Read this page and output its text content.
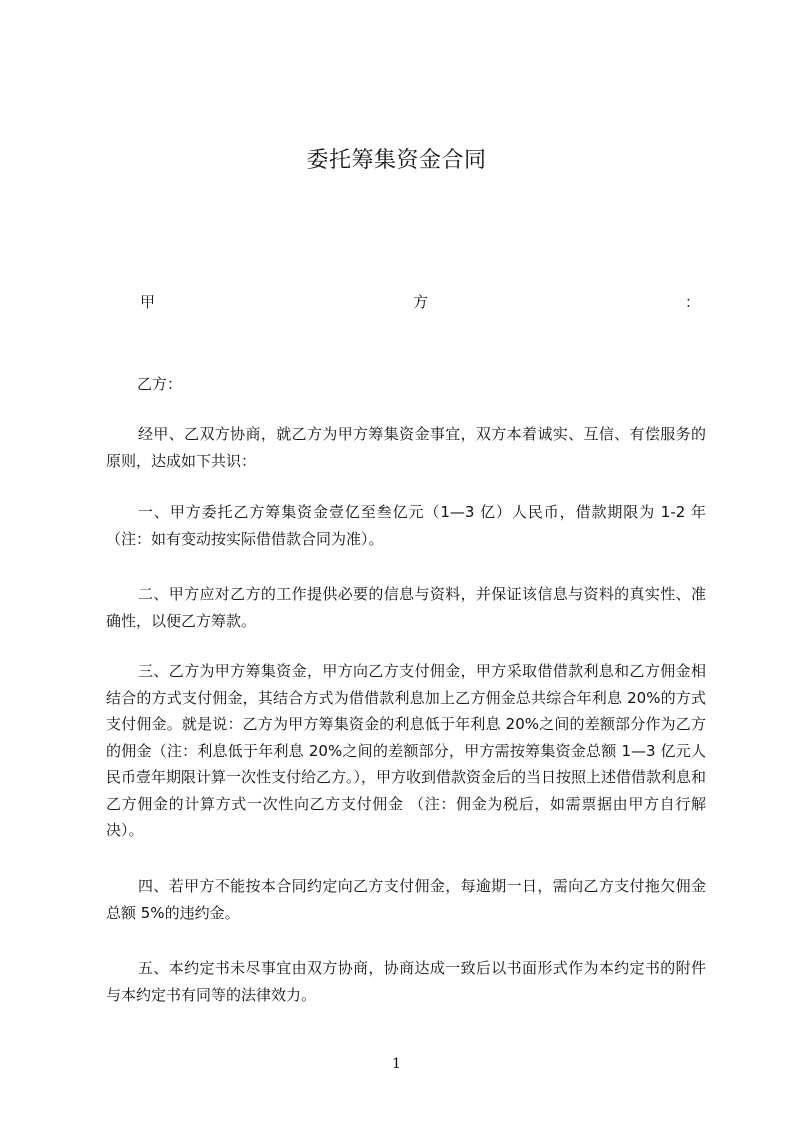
委托筹集资金合同
甲	方	：
乙方：

经甲、乙双方协商，就乙方为甲方筹集资金事宜，双方本着诚实、互信、有偿服务的原则，达成如下共识：

一、甲方委托乙方筹集资金壹亿至叁亿元（1—3 亿）人民币，借款期限为 1-2 年（注：如有变动按实际借借款合同为准）。

二、甲方应对乙方的工作提供必要的信息与资料，并保证该信息与资料的真实性、准确性，以便乙方筹款。

三、乙方为甲方筹集资金，甲方向乙方支付佣金，甲方采取借借款利息和乙方佣金相结合的方式支付佣金，其结合方式为借借款利息加上乙方佣金总共综合年利息 20%的方式支付佣金。就是说：乙方为甲方筹集资金的利息低于年利息 20%之间的差额部分作为乙方的佣金（注：利息低于年利息 20%之间的差额部分，甲方需按筹集资金总额 1—3 亿元人民币壹年期限计算一次性支付给乙方。），甲方收到借款资金后的当日按照上述借借款利息和乙方佣金的计算方式一次性向乙方支付佣金 （注：佣金为税后，如需票据由甲方自行解决）。

四、若甲方不能按本合同约定向乙方支付佣金，每逾期一日，需向乙方支付拖欠佣金总额 5%的违约金。

五、本约定书未尽事宜由双方协商，协商达成一致后以书面形式作为本约定书的附件与本约定书有同等的法律效力。

1
